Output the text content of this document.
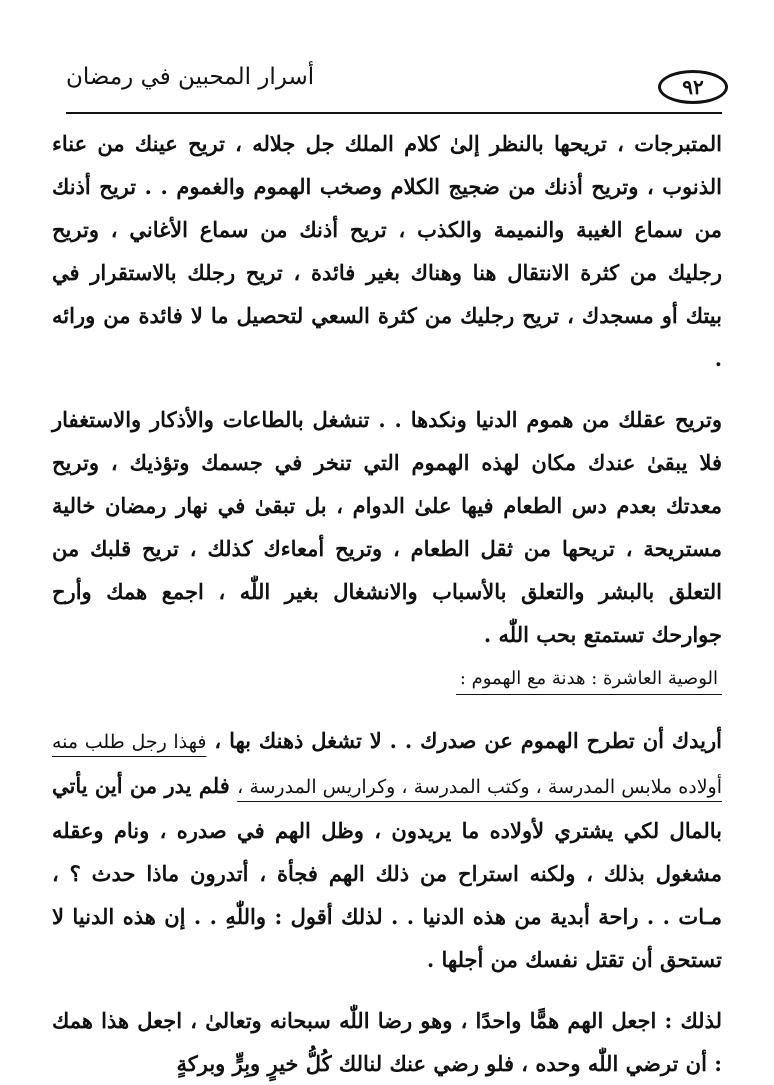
أسرار المحبين في رمضان	٩٢

المتبرجات ، تريحها بالنظر إلىٰ كلام الملك جل جلاله ، تريح عينك من عناء الذنوب ، وتريح أذنك من ضجيج الكلام وصخب الهموم والغموم . . تريح أذنك من سماع الغيبة والنميمة والكذب ، تريح أذنك من سماع الأغاني ، وتريح رجليك من كثرة الانتقال هنا وهناك بغير فائدة ، تريح رجلك بالاستقرار في بيتك أو مسجدك ، تريح رجليك من كثرة السعي لتحصيل ما لا فائدة من ورائه .

وتريح عقلك من هموم الدنيا ونكدها . . تنشغل بالطاعات والأذكار والاستغفار فلا يبقىٰ عندك مكان لهذه الهموم التي تنخر في جسمك وتؤذيك ، وتريح معدتك بعدم دس الطعام فيها علىٰ الدوام ، بل تبقىٰ في نهار رمضان خالية مستريحة ، تريحها من ثقل الطعام ، وتريح أمعاءك كذلك ، تريح قلبك من التعلق بالبشر والتعلق بالأسباب والانشغال بغير اللّٰه ، اجمع همك وأرح جوارحك تستمتع بحب اللّٰه .

الوصية العاشرة : هدنة مع الهموم :

أريدك أن تطرح الهموم عن صدرك . . لا تشغل ذهنك بها ، فهذا رجل طلب منه أولاده ملابس المدرسة ، وكتب المدرسة ، وكراريس المدرسة ، فلم يدر من أين يأتي بالمال لكي يشتري لأولاده ما يريدون ، وظل الهم في صدره ، ونام وعقله مشغول بذلك ، ولكنه استراح من ذلك الهم فجأة ، أتدرون ماذا حدث ؟ ، مـات . . راحة أبدية من هذه الدنيا . . لذلك أقول : واللّٰهِ . . إن هذه الدنيا لا تستحق أن تقتل نفسك من أجلها .

لذلك : اجعل الهم همًّا واحدًا ، وهو رضا اللّٰه سبحانه وتعالىٰ ، اجعل هذا همك : أن ترضي اللّٰه وحده ، فلو رضي عنك لنالك كُلُّ خيرٍ وبِرٍّ وبركةٍ
